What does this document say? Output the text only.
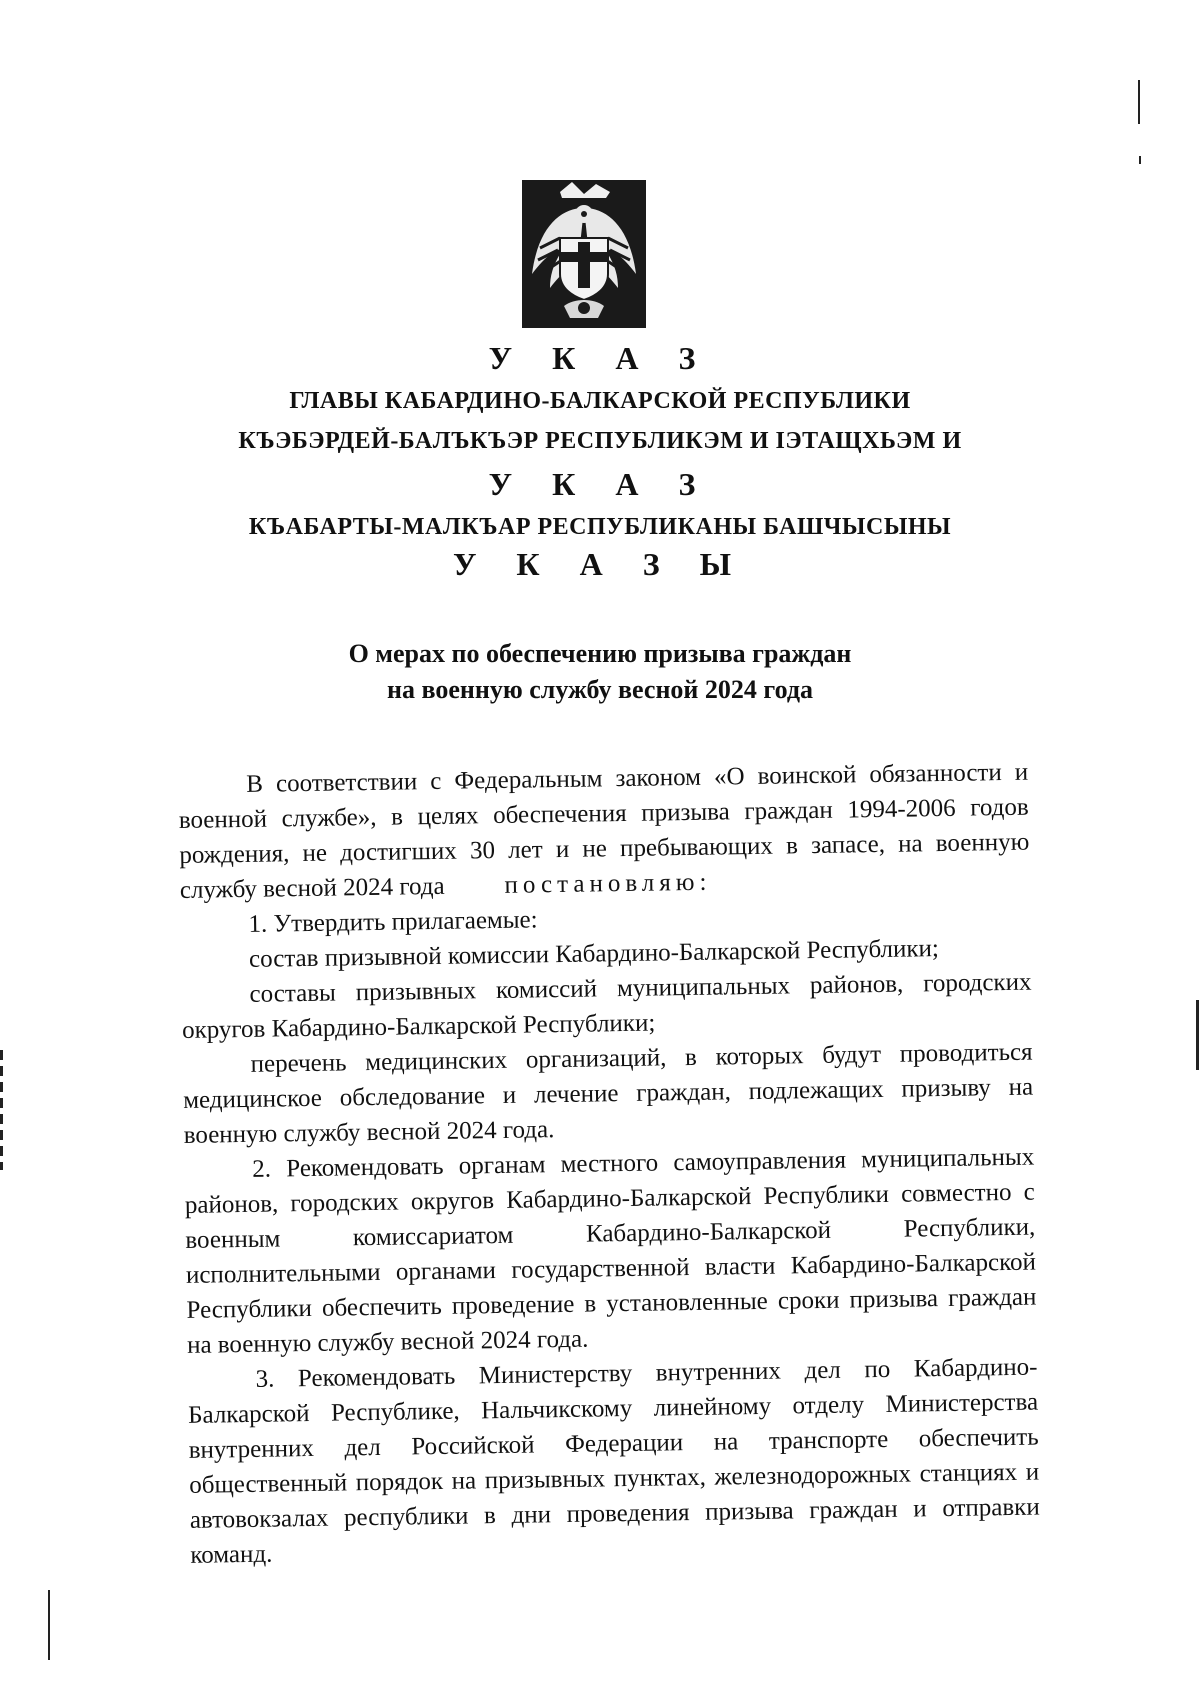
У К А З
ГЛАВЫ КАБАРДИНО-БАЛКАРСКОЙ РЕСПУБЛИКИ
КЪЭБЭРДЕЙ-БАЛЪКЪЭР РЕСПУБЛИКЭМ И IЭТАЩХЬЭМ И
У К А З
КЪАБАРТЫ-МАЛКЪАР РЕСПУБЛИКАНЫ БАШЧЫСЫНЫ
У К А З Ы
О мерах по обеспечению призыва граждан
на военную службу весной 2024 года

В соответствии с Федеральным законом «О воинской обязанности и военной службе», в целях обеспечения призыва граждан 1994-2006 годов рождения, не достигших 30 лет и не пребывающих в запасе, на военную службу весной 2024 года постановляю:

1. Утвердить прилагаемые:

состав призывной комиссии Кабардино-Балкарской Республики;

составы призывных комиссий муниципальных районов, городских округов Кабардино-Балкарской Республики;

перечень медицинских организаций, в которых будут проводиться медицинское обследование и лечение граждан, подлежащих призыву на военную службу весной 2024 года.

2. Рекомендовать органам местного самоуправления муниципальных районов, городских округов Кабардино-Балкарской Республики совместно с военным комиссариатом Кабардино-Балкарской Республики, исполнительными органами государственной власти Кабардино-Балкарской Республики обеспечить проведение в установленные сроки призыва граждан на военную службу весной 2024 года.

3. Рекомендовать Министерству внутренних дел по Кабардино-Балкарской Республике, Нальчикскому линейному отделу Министерства внутренних дел Российской Федерации на транспорте обеспечить общественный порядок на призывных пунктах, железнодорожных станциях и автовокзалах республики в дни проведения призыва граждан и отправки команд.
